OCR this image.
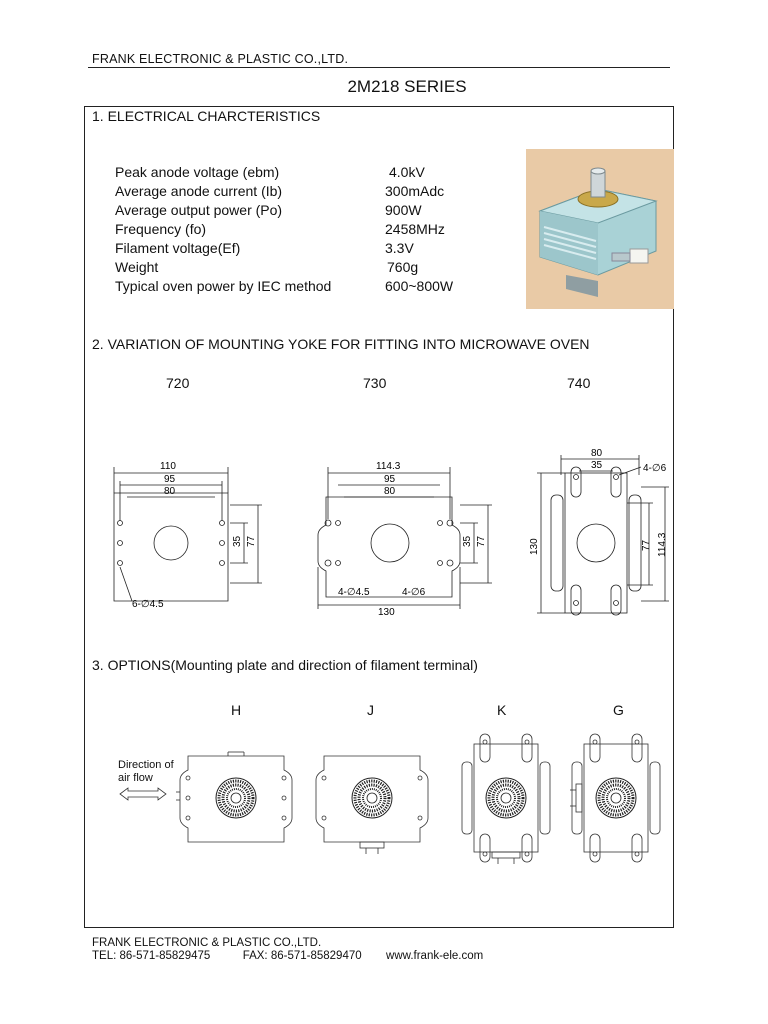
FRANK ELECTRONIC & PLASTIC CO.,LTD.
2M218 SERIES
1. ELECTRICAL CHARCTERISTICS
Peak anode voltage (ebm)	4.0kV
Average anode current (Ib)	300mAdc
Average output power (Po)	900W
Frequency (fo)	2458MHz
Filament voltage(Ef)	3.3V
Weight	760g
Typical oven power by IEC method	600~800W
2. VARIATION OF MOUNTING YOKE FOR FITTING INTO MICROWAVE OVEN
720	730	740
110
95
80
35 77
6-∅4.5
114.3
95
80
35 77
4-∅4.5	4-∅6
130
80
35	4-∅6
130	77 114.3
3. OPTIONS(Mounting plate and direction of filament terminal)
H	J	K	G
Direction of
air flow
FRANK ELECTRONIC & PLASTIC CO.,LTD.
TEL: 86-571-85829475	FAX: 86-571-85829470 www.frank-ele.com
